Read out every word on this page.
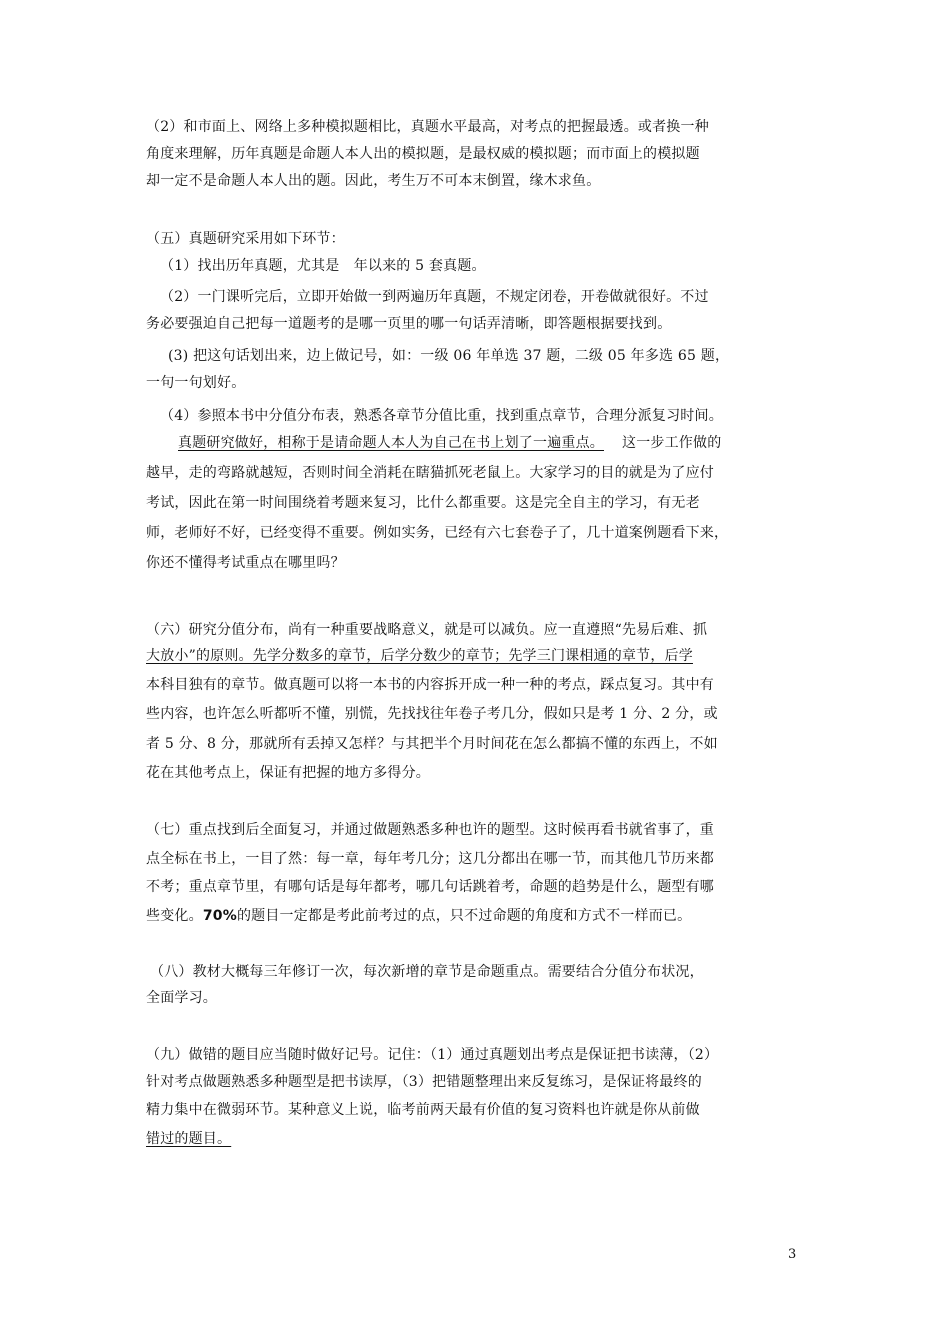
（2）和市面上、网络上多种模拟题相比，真题水平最高，对考点的把握最透。或者换一种
角度来理解，历年真题是命题人本人出的模拟题，是最权威的模拟题；而市面上的模拟题
却一定不是命题人本人出的题。因此，考生万不可本末倒置，缘木求鱼。
（五）真题研究采用如下环节：
（1）找出历年真题，尤其是　年以来的 5 套真题。
（2）一门课听完后，立即开始做一到两遍历年真题，不规定闭卷，开卷做就很好。不过
务必要强迫自己把每一道题考的是哪一页里的哪一句话弄清晰，即答题根据要找到。
(3) 把这句话划出来，边上做记号，如：一级 06 年单选 37 题，二级 05 年多选 65 题，
一句一句划好。
（4）参照本书中分值分布表，熟悉各章节分值比重，找到重点章节，合理分派复习时间。
真题研究做好，相称于是请命题人本人为自己在书上划了一遍重点。 这一步工作做的
越早，走的弯路就越短，否则时间全消耗在瞎猫抓死老鼠上。大家学习的目的就是为了应付
考试，因此在第一时间围绕着考题来复习，比什么都重要。这是完全自主的学习，有无老
师，老师好不好，已经变得不重要。例如实务，已经有六七套卷子了，几十道案例题看下来，
你还不懂得考试重点在哪里吗？
（六）研究分值分布，尚有一种重要战略意义，就是可以减负。应一直遵照“先易后难、抓
大放小”的原则。先学分数多的章节，后学分数少的章节；先学三门课相通的章节，后学
本科目独有的章节。做真题可以将一本书的内容拆开成一种一种的考点，踩点复习。其中有
些内容，也许怎么听都听不懂，别慌，先找找往年卷子考几分，假如只是考 1 分、2 分，或
者 5 分、8 分，那就所有丢掉又怎样？与其把半个月时间花在怎么都搞不懂的东西上，不如
花在其他考点上，保证有把握的地方多得分。
（七）重点找到后全面复习，并通过做题熟悉多种也许的题型。这时候再看书就省事了，重
点全标在书上，一目了然：每一章，每年考几分；这几分都出在哪一节，而其他几节历来都
不考；重点章节里，有哪句话是每年都考，哪几句话跳着考，命题的趋势是什么，题型有哪
些变化。70%的题目一定都是考此前考过的点，只不过命题的角度和方式不一样而已。
（八）教材大概每三年修订一次，每次新增的章节是命题重点。需要结合分值分布状况，
全面学习。
（九）做错的题目应当随时做好记号。记住：（1）通过真题划出考点是保证把书读薄，（2）
针对考点做题熟悉多种题型是把书读厚，（3）把错题整理出来反复练习，是保证将最终的
精力集中在微弱环节。某种意义上说，临考前两天最有价值的复习资料也许就是你从前做
错过的题目。
3
